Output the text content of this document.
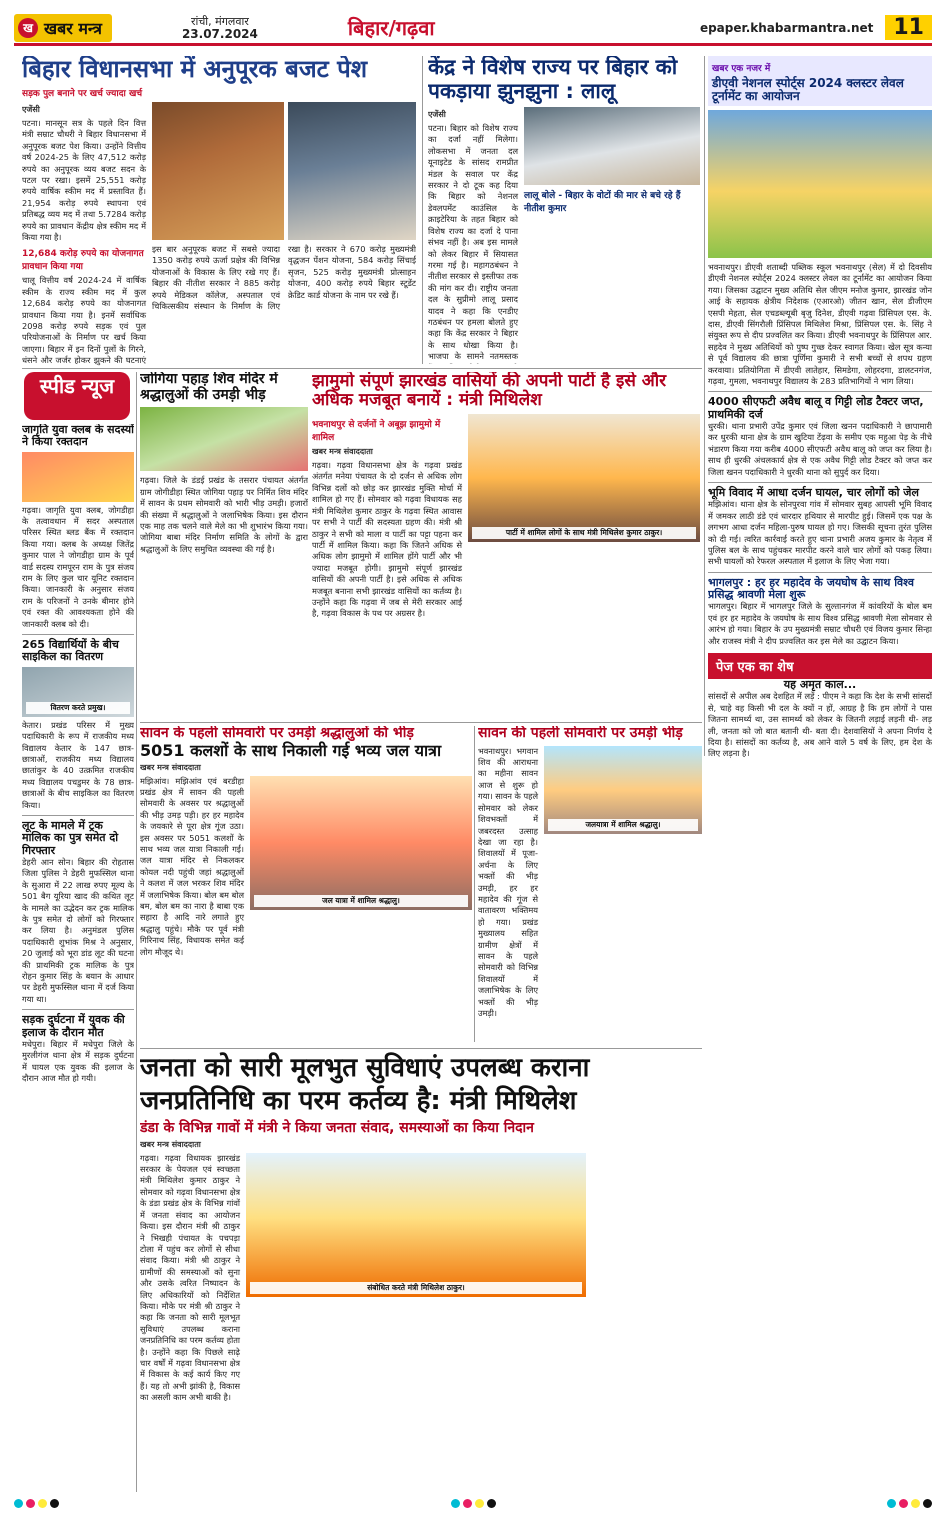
ख खबर मन्त्र	रांची, मंगलवार
23.07.2024	बिहार/गढ़वा	epaper.khabarmantra.net 11
बिहार विधानसभा में अनुपूरक बजट पेश
सड़क पुल बनाने पर खर्च ज्यादा खर्च
एजेंसी
पटना। मानसून सत्र के पहले दिन वित्त मंत्री सम्राट चौधरी ने बिहार विधानसभा में अनुपूरक बजट पेश किया। उन्होंने वित्तीय वर्ष 2024-25 के लिए 47,512 करोड़ रुपये का अनुपूरक व्यय बजट सदन के पटल पर रखा। इसमें 25,551 करोड़ रुपये वार्षिक स्कीम मद में प्रस्तावित हैं। 21,954 करोड़ रुपये स्थापना एवं प्रतिबद्ध व्यय मद में तथा 5.7284 करोड़ रुपये का प्रावधान केंद्रीय क्षेत्र स्कीम मद में किया गया है।
12,684 करोड़ रुपये का योजनागत प्रावधान किया गया
चालू वित्तीय वर्ष 2024-24 में वार्षिक स्कीम के राज्य स्कीम मद में कुल 12,684 करोड़ रुपये का योजनागत प्रावधान किया गया है। इनमें सर्वाधिक 2098 करोड़ रुपये सड़क एवं पुल परियोजनाओं के निर्माण पर खर्च किया जाएगा। बिहार में इन दिनों पुलों के गिरने, धंसने और जर्जर होकर झुकने की घटनाएं
इस बार अनुपूरक बजट में सबसे ज्यादा 1350 करोड़ रुपये ऊर्जा प्रक्षेत्र की विभिन्न योजनाओं के विकास के लिए रखे गए हैं। बिहार की नीतीश सरकार ने 885 करोड़ रुपये मेडिकल कॉलेज, अस्पताल एवं चिकित्सकीय संस्थान के निर्माण के लिए रखा है। सरकार ने 670 करोड़ मुख्यमंत्री वृद्धजन पेंशन योजना, 584 करोड़ सिंचाई सृजन, 525 करोड़ मुख्यमंत्री प्रोत्साहन योजना, 400 करोड़ रुपये बिहार स्टूडेंट क्रेडिट कार्ड योजना के नाम पर रखे हैं।
केंद्र ने विशेष राज्य पर बिहार को पकड़ाया झुनझुना : लालू
एजेंसी
पटना। बिहार को विशेष राज्य का दर्जा नहीं मिलेगा। लोकसभा में जनता दल यूनाइटेड के सांसद रामप्रीत मंडल के सवाल पर केंद्र सरकार ने दो टूक कह दिया कि बिहार को नेशनल डेवलपमेंट काउंसिल के क्राइटेरिया के तहत बिहार को विशेष राज्य का दर्जा दे पाना संभव नहीं है। अब इस मामले को लेकर बिहार में सियासत गरमा गई है। महागठबंधन ने नीतीश सरकार से इस्तीफा तक की मांग कर दी। राष्ट्रीय जनता दल के सुप्रीमो लालू प्रसाद यादव ने कहा कि एनडीए गठबंधन पर हमला बोलते हुए कहा कि केंद्र सरकार ने बिहार के साथ धोखा किया है। भाजपा के सामने नतमस्तक
लालू बोले - बिहार के वोटों की मार से बचे रहे हैं नीतीश कुमार
खबर एक नजर में
डीएवी नेशनल स्पोर्ट्स 2024 क्लस्टर लेवल टूर्नामेंट का आयोजन
भवनाथपुर। डीएवी शताब्दी पब्लिक स्कूल भवनाथपुर (सेल) में दो दिवसीय डीएवी नेशनल स्पोर्ट्स 2024 क्लस्टर लेवल का टूर्नामेंट का आयोजन किया गया। जिसका उद्घाटन मुख्य अतिथि सेल जीएम मनोज कुमार, झारखंड जोन आई के सहायक क्षेत्रीय निदेशक (एआरओ) जीतन खान, सेल डीजीएम एसपी मेहता, सेल एचडब्ल्यूबी बृजु दिनेश, डीएवी गढ़वा प्रिंसिपल एस. के. दास, डीएवी सिंगरौली प्रिंसिपल मिथिलेश मिश्रा, प्रिंसिपल एस. के. सिंह ने संयुक्त रूप से दीप प्रज्वलित कर किया। डीएवी भवनाथपुर के प्रिंसिपल आर. सहदेव ने मुख्य अतिथियों को पुष्प गुच्छ देकर स्वागत किया। खेल सूत्र कन्या से पूर्व विद्यालय की छात्रा पूर्णिमा कुमारी ने सभी बच्चों से शपथ ग्रहण करवाया। प्रतियोगिता में डीएवी लातेहार, सिमडेगा, लोहरदगा, डालटनगंज, गढ़वा, गुमला, भवनाथपुर विद्यालय के 283 प्रतिभागियों ने भाग लिया।
4000 सीएफटी अवैध बालू व गिट्टी लोड टैक्टर जप्त, प्राथमिकी दर्ज
धुरकी। थाना प्रभारी उपेंद्र कुमार एवं जिला खनन पदाधिकारी ने छापामारी कर धुरकी थाना क्षेत्र के ग्राम खुटिया टेंढ़वा के समीप एक महुआ पेड़ के नीचे भंडारण किया गया करीब 4000 सीएफटी अवैध बालू को जप्त कर लिया है। साथ ही धुरकी अंचलकार्य क्षेत्र से एक अवैध गिट्टी लोड टैक्टर को जप्त कर जिला खनन पदाधिकारी ने धुरकी थाना को सुपुर्द कर दिया।
भूमि विवाद में आधा दर्जन घायल, चार लोगों को जेल
मझिआंव। थाना क्षेत्र के सोनपुरवा गांव में सोमवार सुबह आपसी भूमि विवाद में जमकर लाठी डंडे एवं धारदार हथियार से मारपीट हुई। जिसमें एक पक्ष के लगभग आधा दर्जन महिला-पुरुष घायल हो गए। जिसकी सूचना तुरंत पुलिस को दी गई। त्वरित कार्रवाई करते हुए थाना प्रभारी अजय कुमार के नेतृत्व में पुलिस बल के साथ पहुंचकर मारपीट करने वाले चार लोगों को पकड़ लिया। सभी घायलों को रेफरल अस्पताल में इलाज के लिए भेजा गया।
भागलपुर : हर हर महादेव के जयघोष के साथ विश्व प्रसिद्ध श्रावणी मेला शुरू
भागलपुर। बिहार में भागलपुर जिले के सुल्तानगंज में कांवरियों के बोल बम एवं हर हर महादेव के जयघोष के साथ विश्व प्रसिद्ध श्रावणी मेला सोमवार से आरंभ हो गया। बिहार के उप मुख्यमंत्री सम्राट चौधरी एवं विजय कुमार सिन्हा और राजस्व मंत्री ने दीप प्रज्वलित कर इस मेले का उद्घाटन किया।
पेज एक का शेष
यह अमृत काल...
सांसदों से अपील अब देशहित में लड़ें : पीएम ने कहा कि देश के सभी सांसदों से, चाहे वह किसी भी दल के क्यों न हों, आग्रह है कि हम लोगों ने पास जितना सामर्थ्य था, उस सामर्थ्य को लेकर के जितनी लड़ाई लड़नी थी- लड़ ली, जनता को जो बात बतानी थी- बता दी। देशवासियों ने अपना निर्णय दे दिया है। सांसदों का कर्तव्य है, अब आने वाले 5 वर्ष के लिए, हम देश के लिए लड़ना है।
स्पीड न्यूज
जागृति युवा क्लब के सदस्यों ने किया रक्तदान
गढ़वा। जागृति युवा क्लब, जोगडीहा के तत्वावधान में सदर अस्पताल परिसर स्थित ब्लड बैंक में रक्तदान किया गया। क्लब के अध्यक्ष जितेंद्र कुमार पाल ने जोगडीहा ग्राम के पूर्व वार्ड सदस्य रामपूरन राम के पुत्र संजय राम के लिए कुल चार यूनिट रक्तदान किया। जानकारी के अनुसार संजय राम के परिजनों ने उनके बीमार होने एवं रक्त की आवश्यकता होने की जानकारी क्लब को दी।
265 विद्यार्थियों के बीच साइकिल का वितरण
वितरण करते प्रमुख।
केतार। प्रखंड परिसर में मुख्य पदाधिकारी के रूप में राजकीय मध्य विद्यालय केतार के 147 छात्र-छात्राओं, राजकीय मध्य विद्यालय छातांकुर के 40 उत्क्रमित राजकीय मध्य विद्यालय पचडुमर के 78 छात्र-छात्राओं के बीच साइकिल का वितरण किया।
लूट के मामले में ट्रक मालिक का पुत्र समेत दो गिरफ्तार
डेहरी आन सोन। बिहार की रोहतास जिला पुलिस ने डेहरी मुफस्सिल थाना के सुआरा में 22 लाख रुपए मूल्य के 501 बैग यूरिया खाद की कथित लूट के मामले का उद्भेदन कर ट्रक मालिक के पुत्र समेत दो लोगों को गिरफ्तार कर लिया है। अनुमंडल पुलिस पदाधिकारी शुभांक मिश्र ने अनुसार, 20 जुलाई को भूरा डांड लूट की घटना की प्राथमिकी ट्रक मालिक के पुत्र रोहन कुमार सिंह के बयान के आधार पर डेहरी मुफस्सिल थाना में दर्ज किया गया था।
सड़क दुर्घटना में युवक की इलाज के दौरान मौत
मधेपुरा। बिहार में मधेपुरा जिले के मुरलीगंज थाना क्षेत्र में सड़क दुर्घटना में घायल एक युवक की इलाज के दौरान आज मौत हो गयी।
जोगिया पहाड़ शिव मंदिर में श्रद्धालुओं की उमड़ी भीड़
गढ़वा। जिले के डंडई प्रखंड के तसरार पंचायत अंतर्गत ग्राम जोगीडीहा स्थित जोगिया पहाड़ पर निर्मित शिव मंदिर में सावन के प्रथम सोमवारी को भारी भीड़ उमड़ी। हजारों की संख्या में श्रद्धालुओं ने जलाभिषेक किया। इस दौरान एक माह तक चलने वाले मेले का भी शुभारंभ किया गया। जोगिया बाबा मंदिर निर्माण समिति के लोगों के द्वारा श्रद्धालुओं के लिए समुचित व्यवस्था की गई है।
झामुमो संपूर्ण झारखंड वासियों की अपनी पार्टी है इसे और अधिक मजबूत बनायें : मंत्री मिथिलेश
भवनाथपुर से दर्जनों ने अबूझ झामुमो में शामिल
खबर मन्त्र संवाददाता
गढ़वा। गढ़वा विधानसभा क्षेत्र के गढ़वा प्रखंड अंतर्गत मनेया पंचायत के दो दर्जन से अधिक लोग विभिन्न दलों को छोड़ कर झारखंड मुक्ति मोर्चा में शामिल हो गए हैं। सोमवार को गढ़वा विधायक सह मंत्री मिथिलेश कुमार ठाकुर के गढ़वा स्थित आवास पर सभी ने पार्टी की सदस्यता ग्रहण की। मंत्री श्री ठाकुर ने सभी को माला व पार्टी का पट्टा पहना कर पार्टी में शामिल किया। कहा कि जितने अधिक से अधिक लोग झामुमो में शामिल होंगे पार्टी और भी ज्यादा मजबूत होगी। झामुमो संपूर्ण झारखंड वासियों की अपनी पार्टी है। इसे अधिक से अधिक मजबूत बनाना सभी झारखंड वासियों का कर्तव्य है। उन्होंने कहा कि गढ़वा में जब से मेरी सरकार आई है, गढ़वा विकास के पथ पर अग्रसर है।
पार्टी में शामिल लोगों के साथ मंत्री मिथिलेश कुमार ठाकुर।
सावन के पहली सोमवारी पर उमड़ी श्रद्धालुओं की भीड़
5051 कलशों के साथ निकाली गई भव्य जल यात्रा
खबर मन्त्र संवाददाता
मझिआंव। मझिआंव एवं बरडीहा प्रखंड क्षेत्र में सावन की पहली सोमवारी के अवसर पर श्रद्धालुओं की भीड़ उमड़ पड़ी। हर हर महादेव के जयकारे से पूरा क्षेत्र गूंज उठा। इस अवसर पर 5051 कलशों के साथ भव्य जल यात्रा निकाली गई। जल यात्रा मंदिर से निकलकर कोयल नदी पहुंची जहां श्रद्धालुओं ने कलश में जल भरकर शिव मंदिर में जलाभिषेक किया। बोल बम बोल बम, बोल बम का नारा है बाबा एक सहारा है आदि नारे लगाते हुए श्रद्धालु पहुंचे। मौके पर पूर्व मंत्री गिरिनाथ सिंह, विधायक समेत कई लोग मौजूद थे।
जल यात्रा में शामिल श्रद्धालु।
सावन की पहली सोमवारी पर उमड़ी भीड़
भवनाथपुर। भगवान शिव की आराधना का महीना सावन आज से शुरू हो गया। सावन के पहले सोमवार को लेकर शिवभक्तों में जबरदस्त उत्साह देखा जा रहा है। शिवालयों में पूजा-अर्चना के लिए भक्तों की भीड़ उमड़ी, हर हर महादेव की गूंज से वातावरण भक्तिमय हो गया। प्रखंड मुख्यालय सहित ग्रामीण क्षेत्रों में सावन के पहले सोमवारी को विभिन्न शिवालयों में जलाभिषेक के लिए भक्तों की भीड़ उमड़ी।
जलयात्रा में शामिल श्रद्धालु।
जनता को सारी मूलभुत सुविधाएं उपलब्ध कराना जनप्रतिनिधि का परम कर्तव्य है: मंत्री मिथिलेश
डंडा के विभिन्न गावों में मंत्री ने किया जनता संवाद, समस्याओं का किया निदान
खबर मन्त्र संवाददाता
गढ़वा। गढ़वा विधायक झारखंड सरकार के पेयजल एवं स्वच्छता मंत्री मिथिलेश कुमार ठाकुर ने सोमवार को गढ़वा विधानसभा क्षेत्र के डंडा प्रखंड क्षेत्र के विभिन्न गांवों में जनता संवाद का आयोजन किया। इस दौरान मंत्री श्री ठाकुर ने भिखही पंचायत के पचपड़ा टोला में पहुंच कर लोगों से सीधा संवाद किया। मंत्री श्री ठाकुर ने ग्रामीणों की समस्याओं को सुना और उसके त्वरित निष्पादन के लिए अधिकारियों को निर्देशित किया। मौके पर मंत्री श्री ठाकुर ने कहा कि जनता को सारी मूलभूत सुविधाएं उपलब्ध कराना जनप्रतिनिधि का परम कर्तव्य होता है। उन्होंने कहा कि पिछले साढ़े चार वर्षों में गढ़वा विधानसभा क्षेत्र में विकास के कई कार्य किए गए हैं। यह तो अभी झांकी है, विकास का असली काम अभी बाकी है।
संबोधित करते मंत्री मिथिलेश ठाकुर।
